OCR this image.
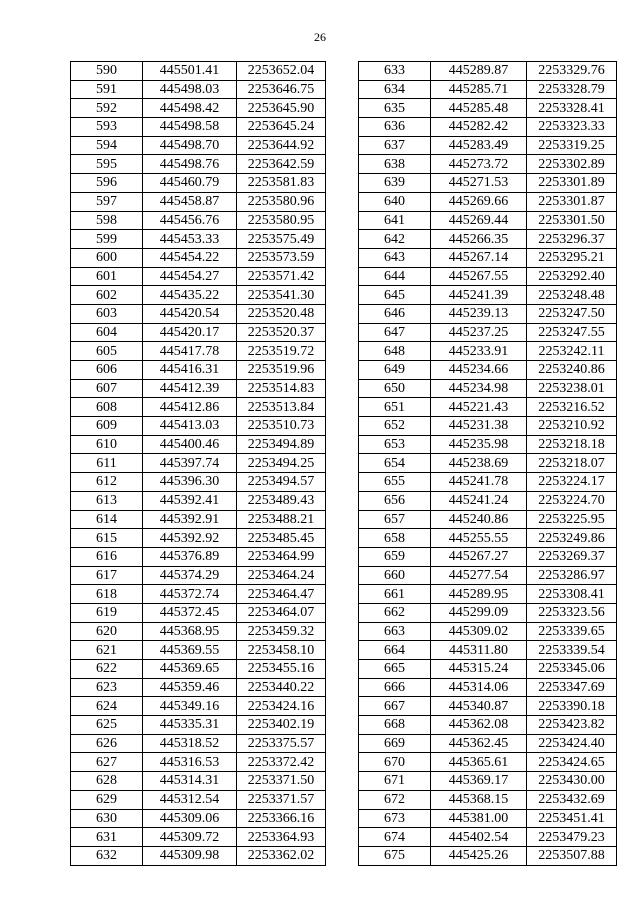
26
590	445501.41	2253652.04
591	445498.03	2253646.75
592	445498.42	2253645.90
593	445498.58	2253645.24
594	445498.70	2253644.92
595	445498.76	2253642.59
596	445460.79	2253581.83
597	445458.87	2253580.96
598	445456.76	2253580.95
599	445453.33	2253575.49
600	445454.22	2253573.59
601	445454.27	2253571.42
602	445435.22	2253541.30
603	445420.54	2253520.48
604	445420.17	2253520.37
605	445417.78	2253519.72
606	445416.31	2253519.96
607	445412.39	2253514.83
608	445412.86	2253513.84
609	445413.03	2253510.73
610	445400.46	2253494.89
611	445397.74	2253494.25
612	445396.30	2253494.57
613	445392.41	2253489.43
614	445392.91	2253488.21
615	445392.92	2253485.45
616	445376.89	2253464.99
617	445374.29	2253464.24
618	445372.74	2253464.47
619	445372.45	2253464.07
620	445368.95	2253459.32
621	445369.55	2253458.10
622	445369.65	2253455.16
623	445359.46	2253440.22
624	445349.16	2253424.16
625	445335.31	2253402.19
626	445318.52	2253375.57
627	445316.53	2253372.42
628	445314.31	2253371.50
629	445312.54	2253371.57
630	445309.06	2253366.16
631	445309.72	2253364.93
632	445309.98	2253362.02
633	445289.87	2253329.76
634	445285.71	2253328.79
635	445285.48	2253328.41
636	445282.42	2253323.33
637	445283.49	2253319.25
638	445273.72	2253302.89
639	445271.53	2253301.89
640	445269.66	2253301.87
641	445269.44	2253301.50
642	445266.35	2253296.37
643	445267.14	2253295.21
644	445267.55	2253292.40
645	445241.39	2253248.48
646	445239.13	2253247.50
647	445237.25	2253247.55
648	445233.91	2253242.11
649	445234.66	2253240.86
650	445234.98	2253238.01
651	445221.43	2253216.52
652	445231.38	2253210.92
653	445235.98	2253218.18
654	445238.69	2253218.07
655	445241.78	2253224.17
656	445241.24	2253224.70
657	445240.86	2253225.95
658	445255.55	2253249.86
659	445267.27	2253269.37
660	445277.54	2253286.97
661	445289.95	2253308.41
662	445299.09	2253323.56
663	445309.02	2253339.65
664	445311.80	2253339.54
665	445315.24	2253345.06
666	445314.06	2253347.69
667	445340.87	2253390.18
668	445362.08	2253423.82
669	445362.45	2253424.40
670	445365.61	2253424.65
671	445369.17	2253430.00
672	445368.15	2253432.69
673	445381.00	2253451.41
674	445402.54	2253479.23
675	445425.26	2253507.88
